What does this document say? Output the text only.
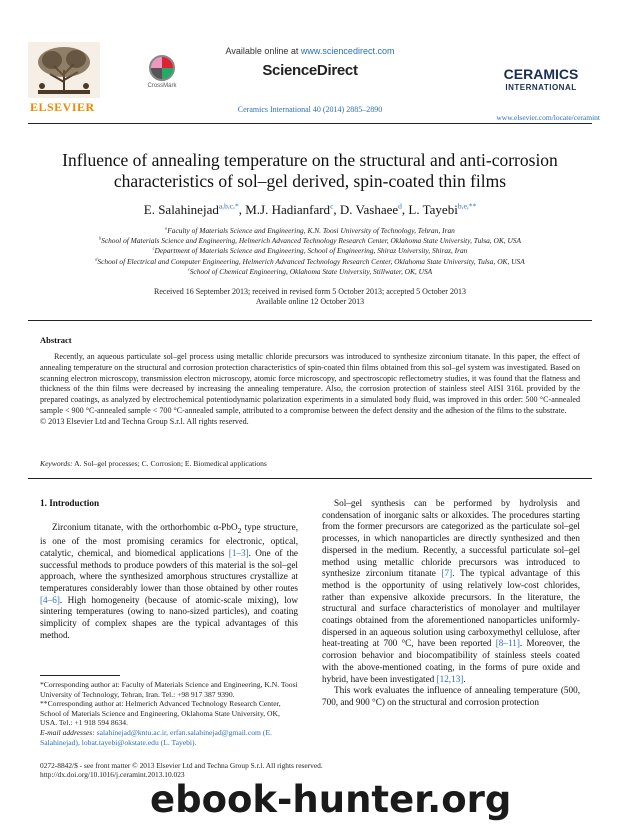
ELSEVIER
CrossMark
Available online at www.sciencedirect.com
ScienceDirect
Ceramics International 40 (2014) 2885–2890
CERAMICS
INTERNATIONAL
www.elsevier.com/locate/ceramint
Influence of annealing temperature on the structural and anti-corrosion characteristics of sol–gel derived, spin-coated thin films
E. Salahinejad$^{a,b,c,*}$, M.J. Hadianfard$^c$, D. Vashaee$^d$, L. Tayebi$^{b,e,**}$
$^a$Faculty of Materials Science and Engineering, K.N. Toosi University of Technology, Tehran, Iran
$^b$School of Materials Science and Engineering, Helmerich Advanced Technology Research Center, Oklahoma State University, Tulsa, OK, USA
$^c$Department of Materials Science and Engineering, School of Engineering, Shiraz University, Shiraz, Iran
$^d$School of Electrical and Computer Engineering, Helmerich Advanced Technology Research Center, Oklahoma State University, Tulsa, OK, USA
$^e$School of Chemical Engineering, Oklahoma State University, Stillwater, OK, USA
Received 16 September 2013; received in revised form 5 October 2013; accepted 5 October 2013
Available online 12 October 2013
Abstract
Recently, an aqueous particulate sol–gel process using metallic chloride precursors was introduced to synthesize zirconium titanate. In this paper, the effect of annealing temperature on the structural and corrosion protection characteristics of spin-coated thin films obtained from this sol–gel system was investigated. Based on scanning electron microscopy, transmission electron microscopy, atomic force microscopy, and spectroscopic reflectometry studies, it was found that the flatness and thickness of the thin films were decreased by increasing the annealing temperature. Also, the corrosion protection of stainless steel AISI 316L provided by the prepared coatings, as analyzed by electrochemical potentiodynamic polarization experiments in a simulated body fluid, was improved in this order: 500 °C-annealed sample < 900 °C-annealed sample < 700 °C-annealed sample, attributed to a compromise between the defect density and the adhesion of the films to the substrate.
© 2013 Elsevier Ltd and Techna Group S.r.l. All rights reserved.
Keywords: A. Sol–gel processes; C. Corrosion; E. Biomedical applications
1. Introduction

Zirconium titanate, with the orthorhombic α-PbO$_2$ type structure, is one of the most promising ceramics for electronic, optical, catalytic, chemical, and biomedical applications [1–3]. One of the successful methods to produce powders of this material is the sol–gel approach, where the synthesized amorphous structures crystallize at temperatures considerably lower than those obtained by other routes [4–6]. High homogeneity (because of atomic-scale mixing), low sintering temperatures (owing to nano-sized particles), and coating simplicity of complex shapes are the typical advantages of this method.

*Corresponding author at: Faculty of Materials Science and Engineering, K.N. Toosi University of Technology, Tehran, Iran. Tel.: +98 917 387 9390.
**Corresponding author at: Helmerich Advanced Technology Research Center, School of Materials Science and Engineering, Oklahoma State University, OK, USA. Tel.: +1 918 594 8634.
E-mail addresses: salahinejad@kntu.ac.ir, erfan.salahinejad@gmail.com (E. Salahinejad), lobat.tayebi@okstate.edu (L. Tayebi).

Sol–gel synthesis can be performed by hydrolysis and condensation of inorganic salts or alkoxides. The procedures starting from the former precursors are categorized as the particulate sol–gel processes, in which nanoparticles are directly synthesized and then dispersed in the medium. Recently, a successful particulate sol–gel method using metallic chloride precursors was introduced to synthesize zirconium titanate [7]. The typical advantage of this method is the opportunity of using relatively low-cost chlorides, rather than expensive alkoxide precursors. In the literature, the structural and surface characteristics of monolayer and multilayer coatings obtained from the aforementioned nanoparticles uniformly-dispersed in an aqueous solution using carboxymethyl cellulose, after heat-treating at 700 °C, have been reported [8–11]. Moreover, the corrosion behavior and biocompatibility of stainless steels coated with the above-mentioned coating, in the forms of pure oxide and hybrid, have been investigated [12,13].

This work evaluates the influence of annealing temperature (500, 700, and 900 °C) on the structural and corrosion protection

0272-8842/$ - see front matter © 2013 Elsevier Ltd and Techna Group S.r.l. All rights reserved.
http://dx.doi.org/10.1016/j.ceramint.2013.10.023
ebook-hunter.org
